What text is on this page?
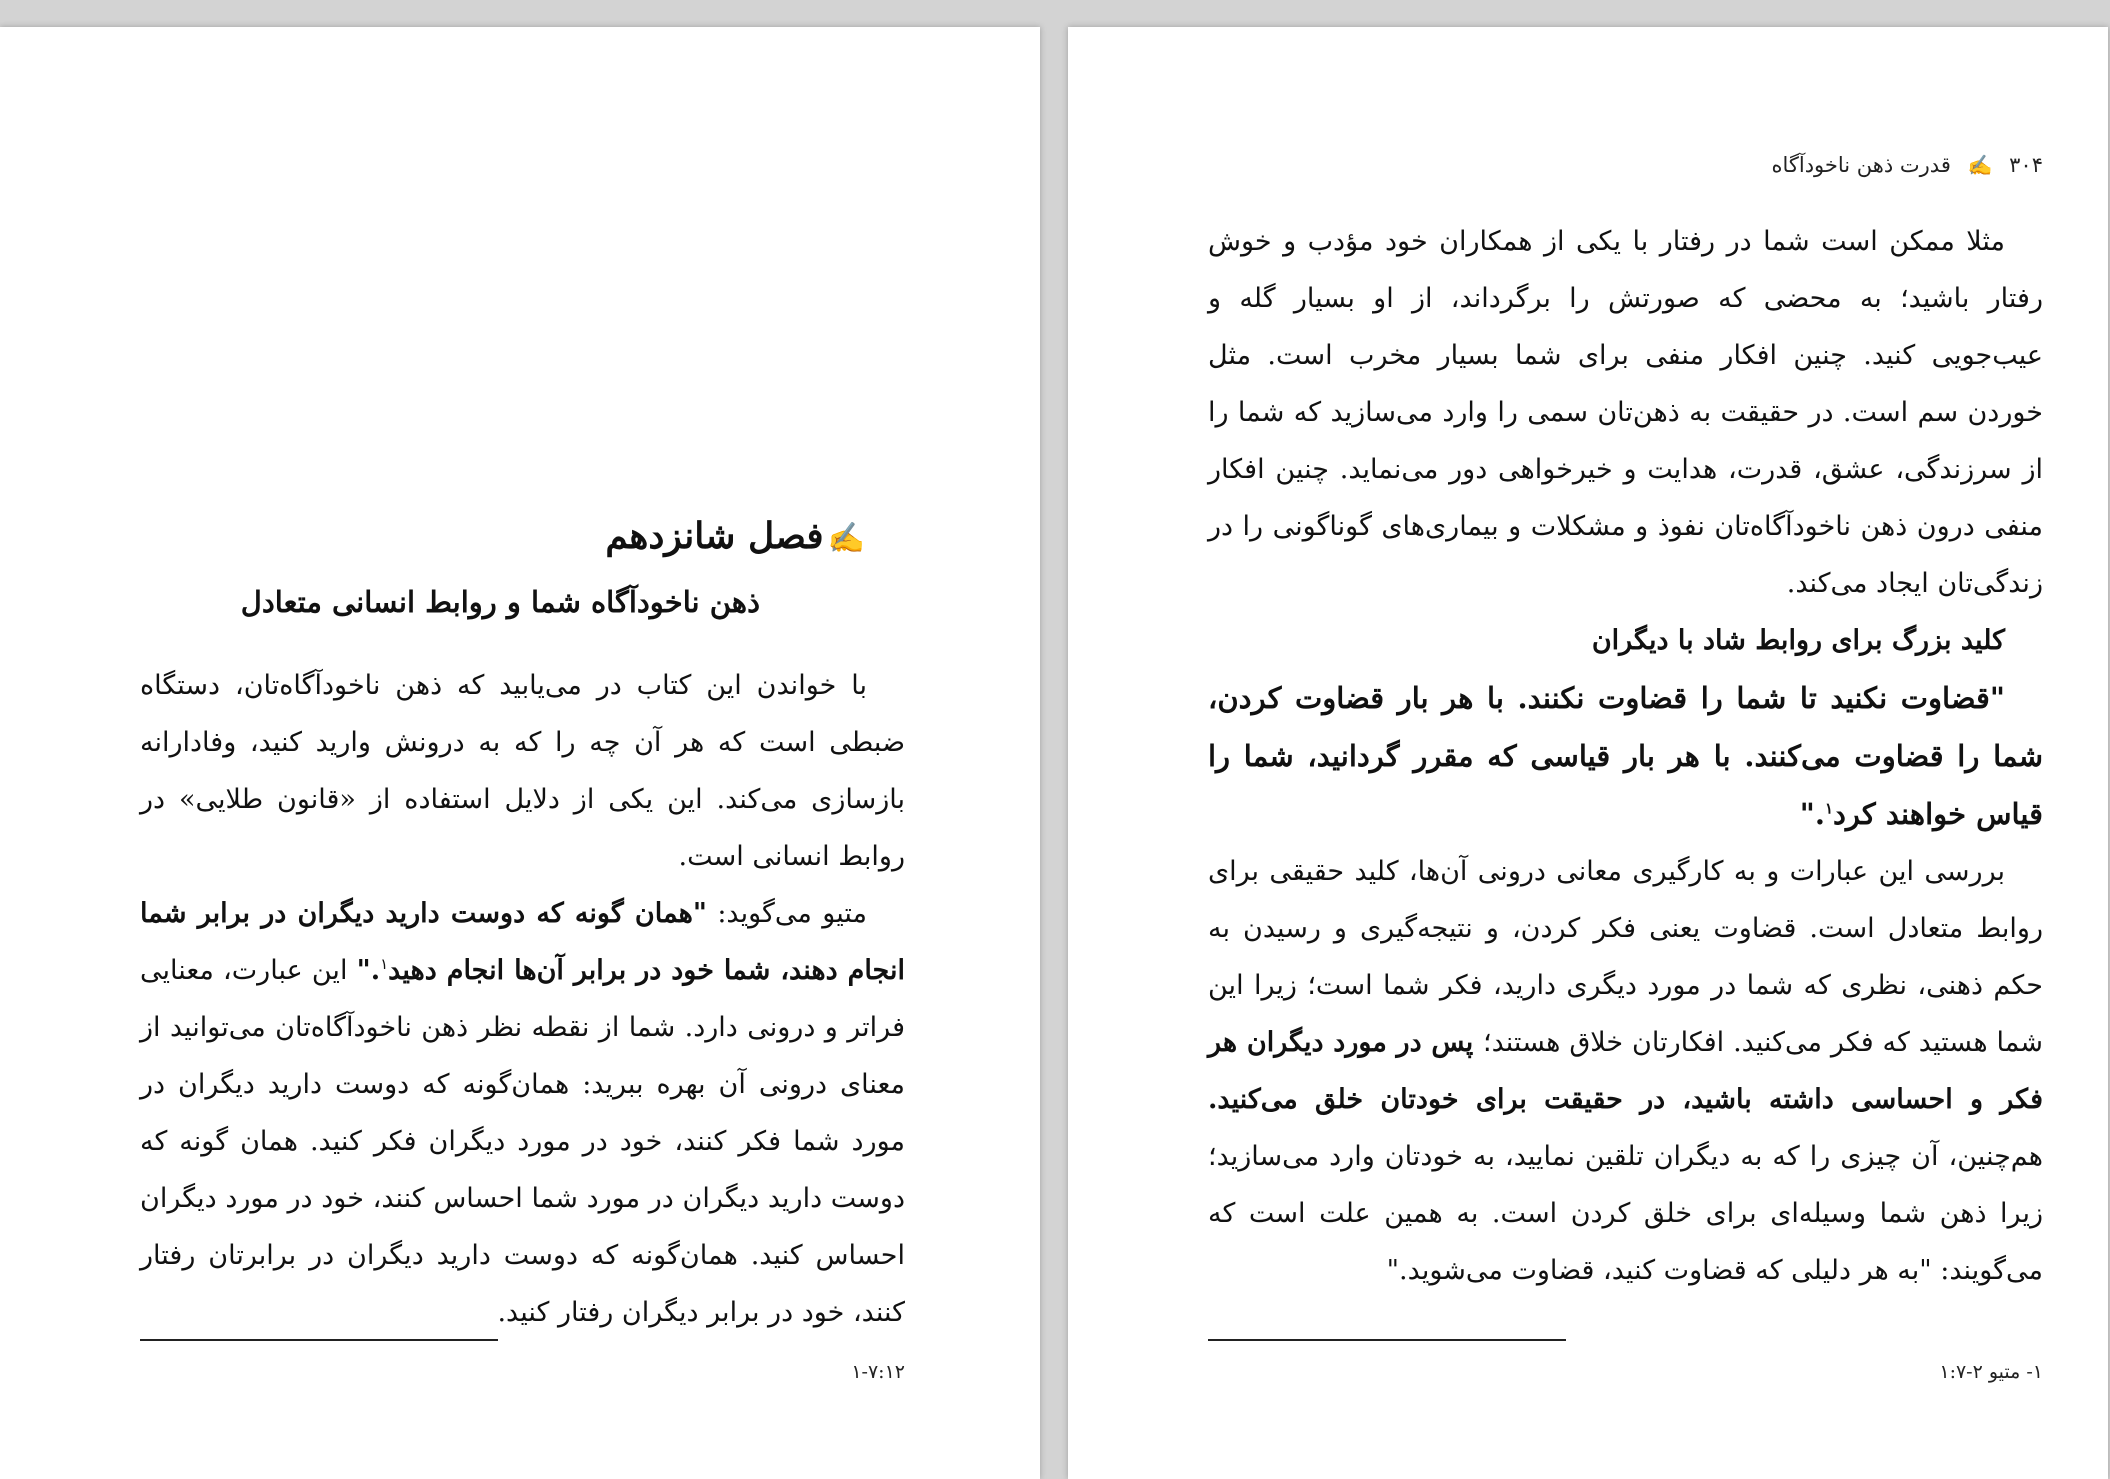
۳۰۴ ✍ قدرت ذهن ناخودآگاه

مثلا ممکن است شما در رفتار با یکی از همکاران خود مؤدب و خوش رفتار باشید؛ به محضی که صورتش را برگرداند، از او بسیار گله و عیب‌جویی کنید. چنین افکار منفی برای شما بسیار مخرب است. مثل خوردن سم است. در حقیقت به ذهن‌تان سمی را وارد می‌سازید که شما را از سرزندگی، عشق، قدرت، هدایت و خیرخواهی دور می‌نماید. چنین افکار منفی درون ذهن ناخودآگاه‌تان نفوذ و مشکلات و بیماری‌های گوناگونی را در زندگی‌تان ایجاد می‌کند.

کلید بزرگ برای روابط شاد با دیگران

"قضاوت نکنید تا شما را قضاوت نکنند. با هر بار قضاوت کردن، شما را قضاوت می‌کنند. با هر بار قیاسی که مقرر گردانید، شما را قیاس خواهند کرد$^۱$."

بررسی این عبارات و به کارگیری معانی درونی آن‌ها، کلید حقیقی برای روابط متعادل است. قضاوت یعنی فکر کردن، و نتیجه‌گیری و رسیدن به حکم ذهنی، نظری که شما در مورد دیگری دارید، فکر شما است؛ زیرا این شما هستید که فکر می‌کنید. افکارتان خلاق هستند؛ پس در مورد دیگران هر فکر و احساسی داشته باشید، در حقیقت برای خودتان خلق می‌کنید. هم‌چنین، آن چیزی را که به دیگران تلقین نمایید، به خودتان وارد می‌سازید؛ زیرا ذهن شما وسیله‌ای برای خلق کردن است. به همین علت است که می‌گویند: "به هر دلیلی که قضاوت کنید، قضاوت می‌شوید."

۱- متیو ۲-۱:۷
✍فصل شانزدهم
ذهن ناخودآگاه شما و روابط انسانی متعادل

با خواندن این کتاب در می‌یابید که ذهن ناخودآگاه‌تان، دستگاه ضبطی است که هر آن چه را که به درونش وارید کنید، وفادارانه بازسازی می‌کند. این یکی از دلایل استفاده از «قانون طلایی» در روابط انسانی است.

متیو می‌گوید: "همان گونه که دوست دارید دیگران در برابر شما انجام دهند، شما خود در برابر آن‌ها انجام دهید$^۱$." این عبارت، معنایی فراتر و درونی دارد. شما از نقطه نظر ذهن ناخودآگاه‌تان می‌توانید از معنای درونی آن بهره ببرید: همان‌گونه که دوست دارید دیگران در مورد شما فکر کنند، خود در مورد دیگران فکر کنید. همان گونه که دوست دارید دیگران در مورد شما احساس کنند، خود در مورد دیگران احساس کنید. همان‌گونه که دوست دارید دیگران در برابرتان رفتار کنند، خود در برابر دیگران رفتار کنید.

۱-۷:۱۲
